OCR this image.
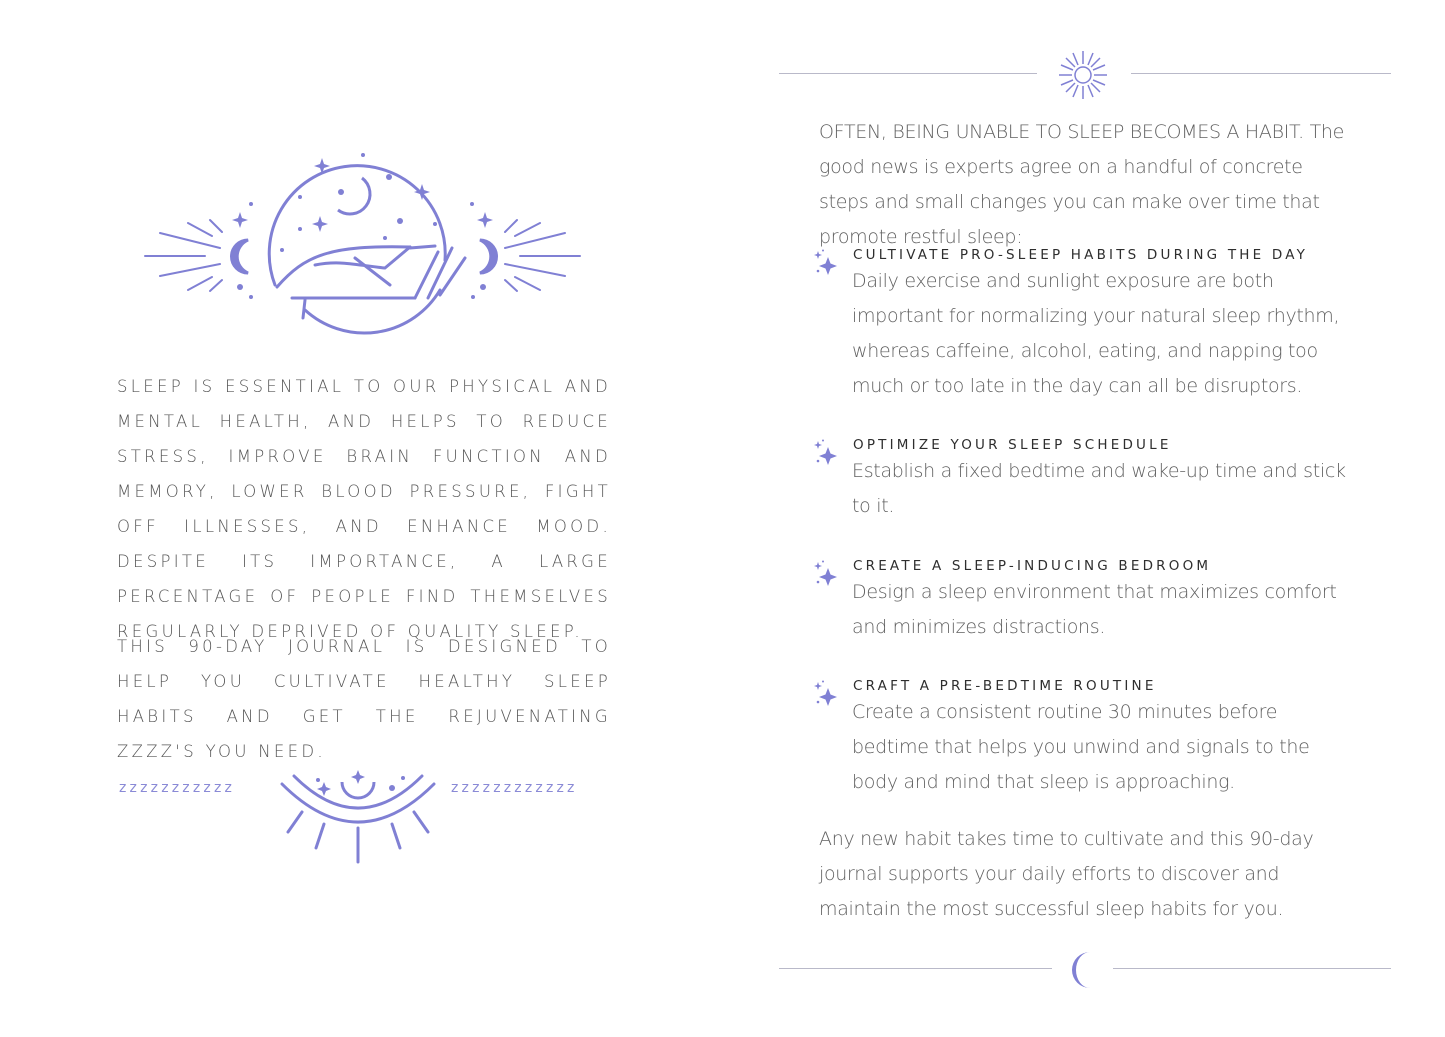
SLEEP IS ESSENTIAL TO OUR PHYSICAL AND MENTAL HEALTH, AND HELPS TO REDUCE STRESS, IMPROVE BRAIN FUNCTION AND MEMORY, LOWER BLOOD PRESSURE, FIGHT OFF ILLNESSES, AND ENHANCE MOOD. DESPITE ITS IMPORTANCE, A LARGE PERCENTAGE OF PEOPLE FIND THEMSELVES REGULARLY DEPRIVED OF QUALITY SLEEP.
THIS 90-DAY JOURNAL IS DESIGNED TO HELP YOU CULTIVATE HEALTHY SLEEP HABITS AND GET THE REJUVENATING ZZZZ'S YOU NEED.
zzzzzzzzzzz	zzzzzzzzzzzz
OFTEN, BEING UNABLE TO SLEEP BECOMES A HABIT. The good news is experts agree on a handful of concrete steps and small changes you can make over time that promote restful sleep:
CULTIVATE PRO-SLEEP HABITS DURING THE DAY
Daily exercise and sunlight exposure are both important for normalizing your natural sleep rhythm, whereas caffeine, alcohol, eating, and napping too much or too late in the day can all be disruptors.
OPTIMIZE YOUR SLEEP SCHEDULE
Establish a fixed bedtime and wake-up time and stick to it.
CREATE A SLEEP-INDUCING BEDROOM
Design a sleep environment that maximizes comfort and minimizes distractions.
CRAFT A PRE-BEDTIME ROUTINE
Create a consistent routine 30 minutes before bedtime that helps you unwind and signals to the body and mind that sleep is approaching.
Any new habit takes time to cultivate and this 90-day journal supports your daily efforts to discover and maintain the most successful sleep habits for you.
